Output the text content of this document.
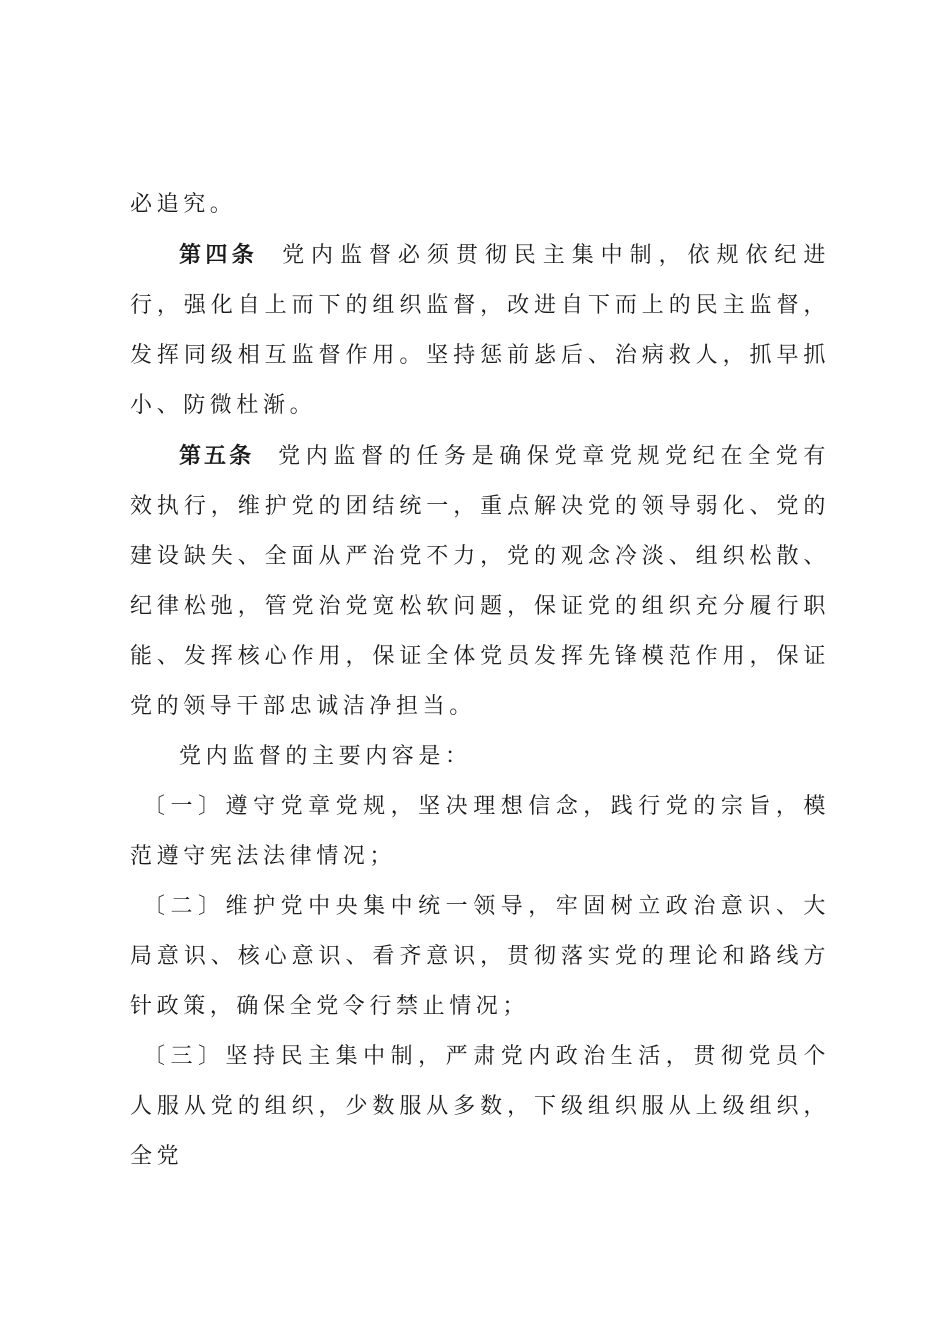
必追究。

第四条 党内监督必须贯彻民主集中制，依规依纪进行，强化自上而下的组织监督，改进自下而上的民主监督，发挥同级相互监督作用。坚持惩前毖后、治病救人，抓早抓小、防微杜渐。

第五条 党内监督的任务是确保党章党规党纪在全党有效执行，维护党的团结统一，重点解决党的领导弱化、党的建设缺失、全面从严治党不力，党的观念冷淡、组织松散、纪律松弛，管党治党宽松软问题，保证党的组织充分履行职能、发挥核心作用，保证全体党员发挥先锋模范作用，保证党的领导干部忠诚洁净担当。

党内监督的主要内容是：

〔一〕遵守党章党规，坚决理想信念，践行党的宗旨，模范遵守宪法法律情况；

〔二〕维护党中央集中统一领导，牢固树立政治意识、大局意识、核心意识、看齐意识，贯彻落实党的理论和路线方针政策，确保全党令行禁止情况；

〔三〕坚持民主集中制，严肃党内政治生活，贯彻党员个人服从党的组织，少数服从多数，下级组织服从上级组织，全党
